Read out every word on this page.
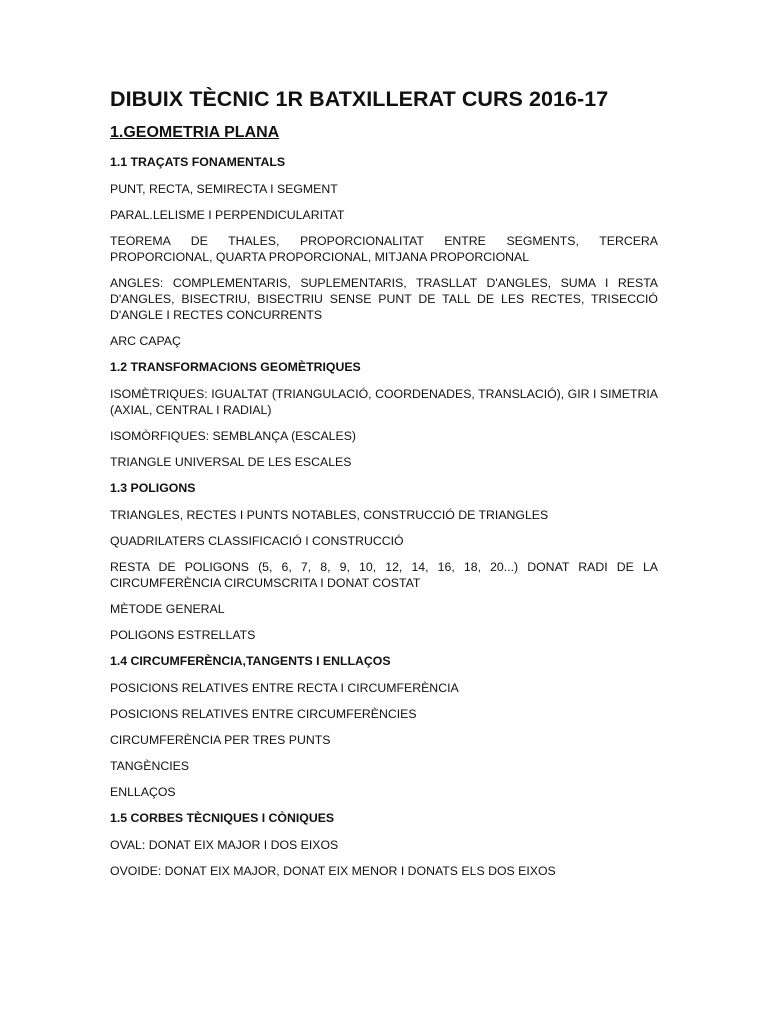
DIBUIX TÈCNIC 1R BATXILLERAT CURS 2016-17
1.GEOMETRIA PLANA
1.1 TRAÇATS FONAMENTALS
PUNT, RECTA, SEMIRECTA I SEGMENT
PARAL.LELISME I PERPENDICULARITAT
TEOREMA DE THALES, PROPORCIONALITAT ENTRE SEGMENTS, TERCERA PROPORCIONAL, QUARTA PROPORCIONAL, MITJANA PROPORCIONAL
ANGLES: COMPLEMENTARIS, SUPLEMENTARIS, TRASLLAT D'ANGLES, SUMA I RESTA D'ANGLES, BISECTRIU, BISECTRIU SENSE PUNT DE TALL DE LES RECTES, TRISECCIÓ D'ANGLE I RECTES CONCURRENTS
ARC CAPAÇ
1.2 TRANSFORMACIONS GEOMÈTRIQUES
ISOMÈTRIQUES: IGUALTAT (TRIANGULACIÓ, COORDENADES, TRANSLACIÓ), GIR I SIMETRIA (AXIAL, CENTRAL I RADIAL)
ISOMÒRFIQUES: SEMBLANÇA (ESCALES)
TRIANGLE UNIVERSAL DE LES ESCALES
1.3 POLIGONS
TRIANGLES, RECTES I PUNTS NOTABLES, CONSTRUCCIÓ DE TRIANGLES
QUADRILATERS CLASSIFICACIÓ I CONSTRUCCIÓ
RESTA DE POLIGONS (5, 6, 7, 8, 9, 10, 12, 14, 16, 18, 20...) DONAT RADI DE LA CIRCUMFERÈNCIA CIRCUMSCRITA I DONAT COSTAT
MÈTODE GENERAL
POLIGONS ESTRELLATS
1.4 CIRCUMFERÈNCIA,TANGENTS I ENLLAÇOS
POSICIONS RELATIVES ENTRE RECTA I CIRCUMFERÈNCIA
POSICIONS RELATIVES ENTRE CIRCUMFERÈNCIES
CIRCUMFERÈNCIA PER TRES PUNTS
TANGÈNCIES
ENLLAÇOS
1.5 CORBES TÈCNIQUES I CÒNIQUES
OVAL: DONAT EIX MAJOR I DOS EIXOS
OVOIDE: DONAT EIX MAJOR, DONAT EIX MENOR I DONATS ELS DOS EIXOS
